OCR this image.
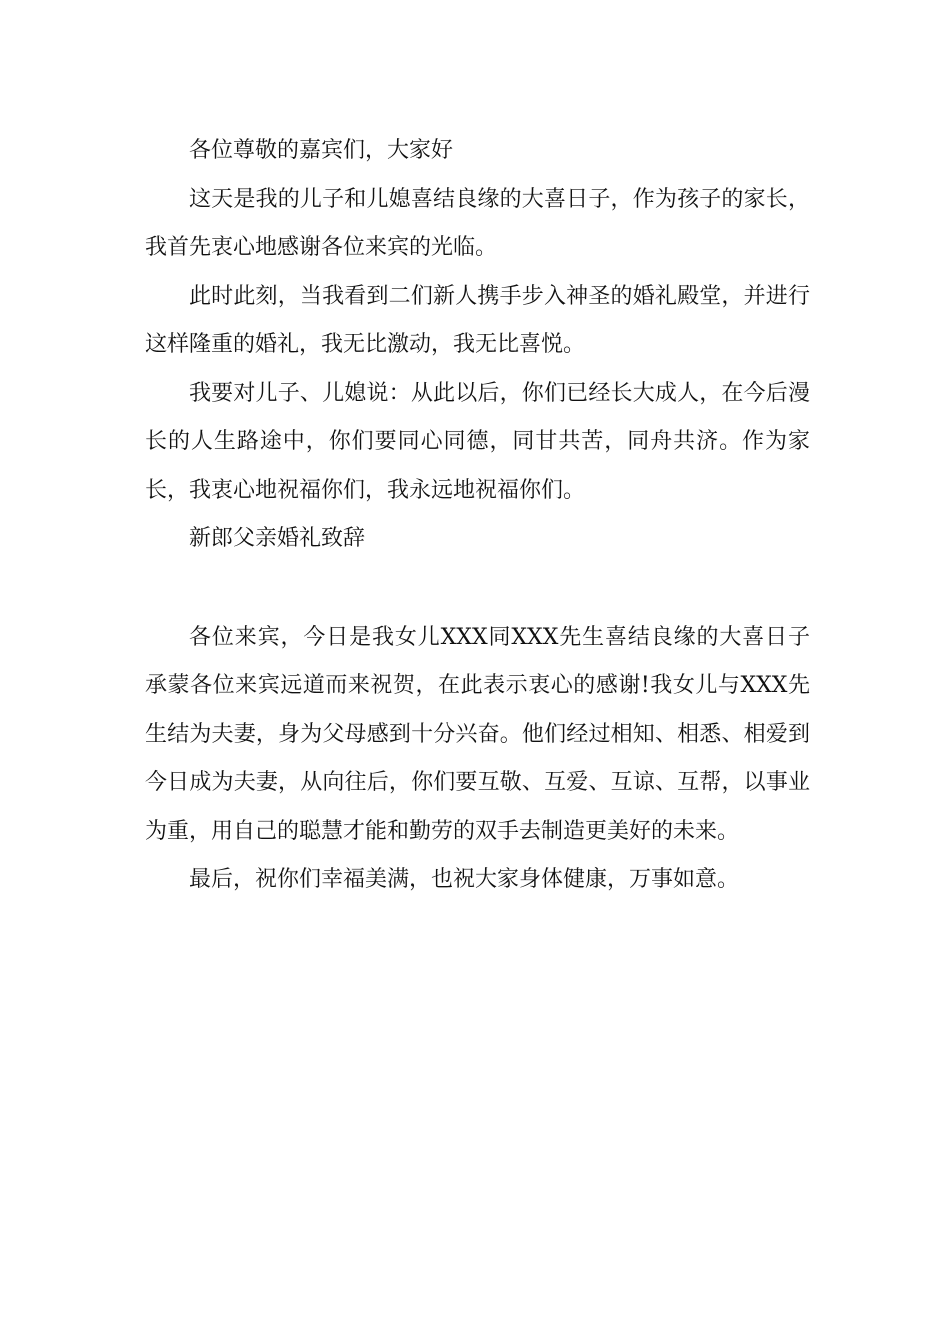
各位尊敬的嘉宾们，大家好

这天是我的儿子和儿媳喜结良缘的大喜日子，作为孩子的家长，我首先衷心地感谢各位来宾的光临。

此时此刻，当我看到二们新人携手步入神圣的婚礼殿堂，并进行这样隆重的婚礼，我无比激动，我无比喜悦。

我要对儿子、儿媳说：从此以后，你们已经长大成人，在今后漫长的人生路途中，你们要同心同德，同甘共苦，同舟共济。作为家长，我衷心地祝福你们，我永远地祝福你们。

新郎父亲婚礼致辞

各位来宾，今日是我女儿XXX同XXX先生喜结良缘的大喜日子承蒙各位来宾远道而来祝贺，在此表示衷心的感谢!我女儿与XXX先生结为夫妻，身为父母感到十分兴奋。他们经过相知、相悉、相爱到今日成为夫妻，从向往后，你们要互敬、互爱、互谅、互帮，以事业为重，用自己的聪慧才能和勤劳的双手去制造更美好的未来。

最后，祝你们幸福美满，也祝大家身体健康，万事如意。
